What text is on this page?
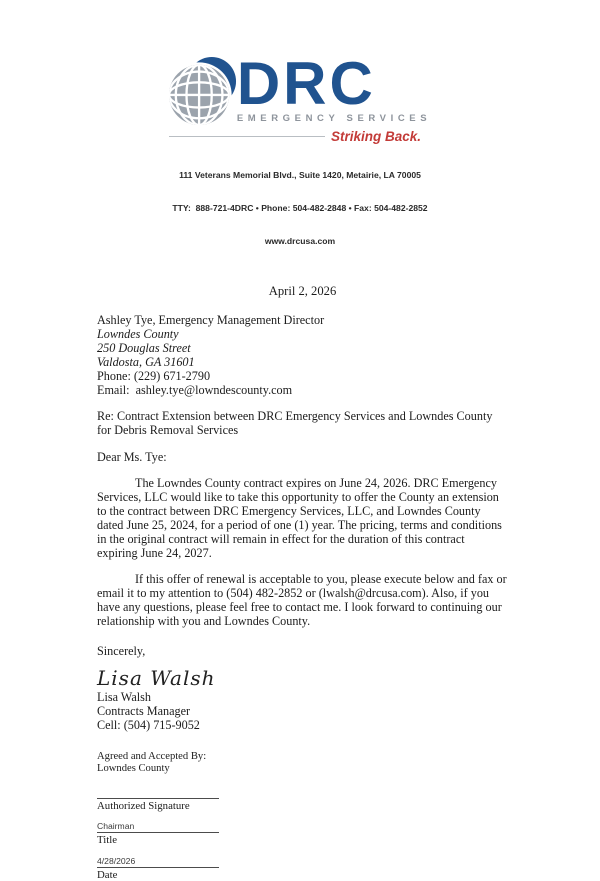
DRC
EMERGENCY SERVICES
Striking Back.

111 Veterans Memorial Blvd., Suite 1420, Metairie, LA 70005

TTY:  888-721-4DRC • Phone: 504-482-2848 • Fax: 504-482-2852

www.drcusa.com

April 2, 2026
Ashley Tye, Emergency Management Director
Lowndes County
250 Douglas Street
Valdosta, GA 31601
Phone: (229) 671-2790
Email:  ashley.tye@lowndescounty.com
Re: Contract Extension between DRC Emergency Services and Lowndes County for Debris Removal Services
Dear Ms. Tye:

The Lowndes County contract expires on June 24, 2026. DRC Emergency Services, LLC would like to take this opportunity to offer the County an extension to the contract between DRC Emergency Services, LLC, and Lowndes County dated June 25, 2024, for a period of one (1) year. The pricing, terms and conditions in the original contract will remain in effect for the duration of this contract expiring June 24, 2027.

If this offer of renewal is acceptable to you, please execute below and fax or email it to my attention to (504) 482-2852 or (lwalsh@drcusa.com). Also, if you have any questions, please feel free to contact me. I look forward to continuing our relationship with you and Lowndes County.

Sincerely,
Lisa Walsh
Lisa Walsh
Contracts Manager
Cell: (504) 715-9052
Agreed and Accepted By:
Lowndes County
Authorized Signature
Chairman
Title
4/28/2026
Date
